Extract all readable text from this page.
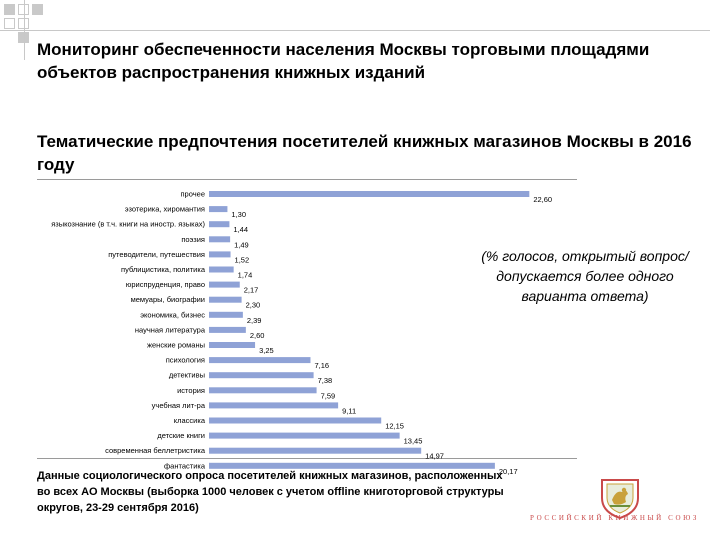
Мониторинг обеспеченности населения Москвы торговыми площадями объектов распространения книжных изданий
Тематические предпочтения посетителей книжных магазинов Москвы в 2016 году
прочее
22,60
эзотерика, хиромантия
1,30
языкознание (в т.ч. книги на иностр. языках)
1,44
поэзия
1,49
путеводители, путешествия
1,52
публицистика, политика
1,74
юриспруденция, право
2,17
мемуары, биографии
2,30
экономика, бизнес
2,39
научная литература
2,60
женские романы
3,25
психология
7,16
детективы
7,38
история
7,59
учебная лит-ра
9,11
классика
12,15
детские книги
13,45
современная беллетристика
14,97
фантастика
20,17
(% голосов, открытый вопрос/ допускается более одного варианта ответа)
Данные социологического опроса посетителей книжных магазинов, расположенных во всех АО Москвы (выборка 1000 человек с учетом offline книготорговой структуры округов, 23-29 сентября 2016)
РОССИЙСКИЙ КНИЖНЫЙ СОЮЗ
